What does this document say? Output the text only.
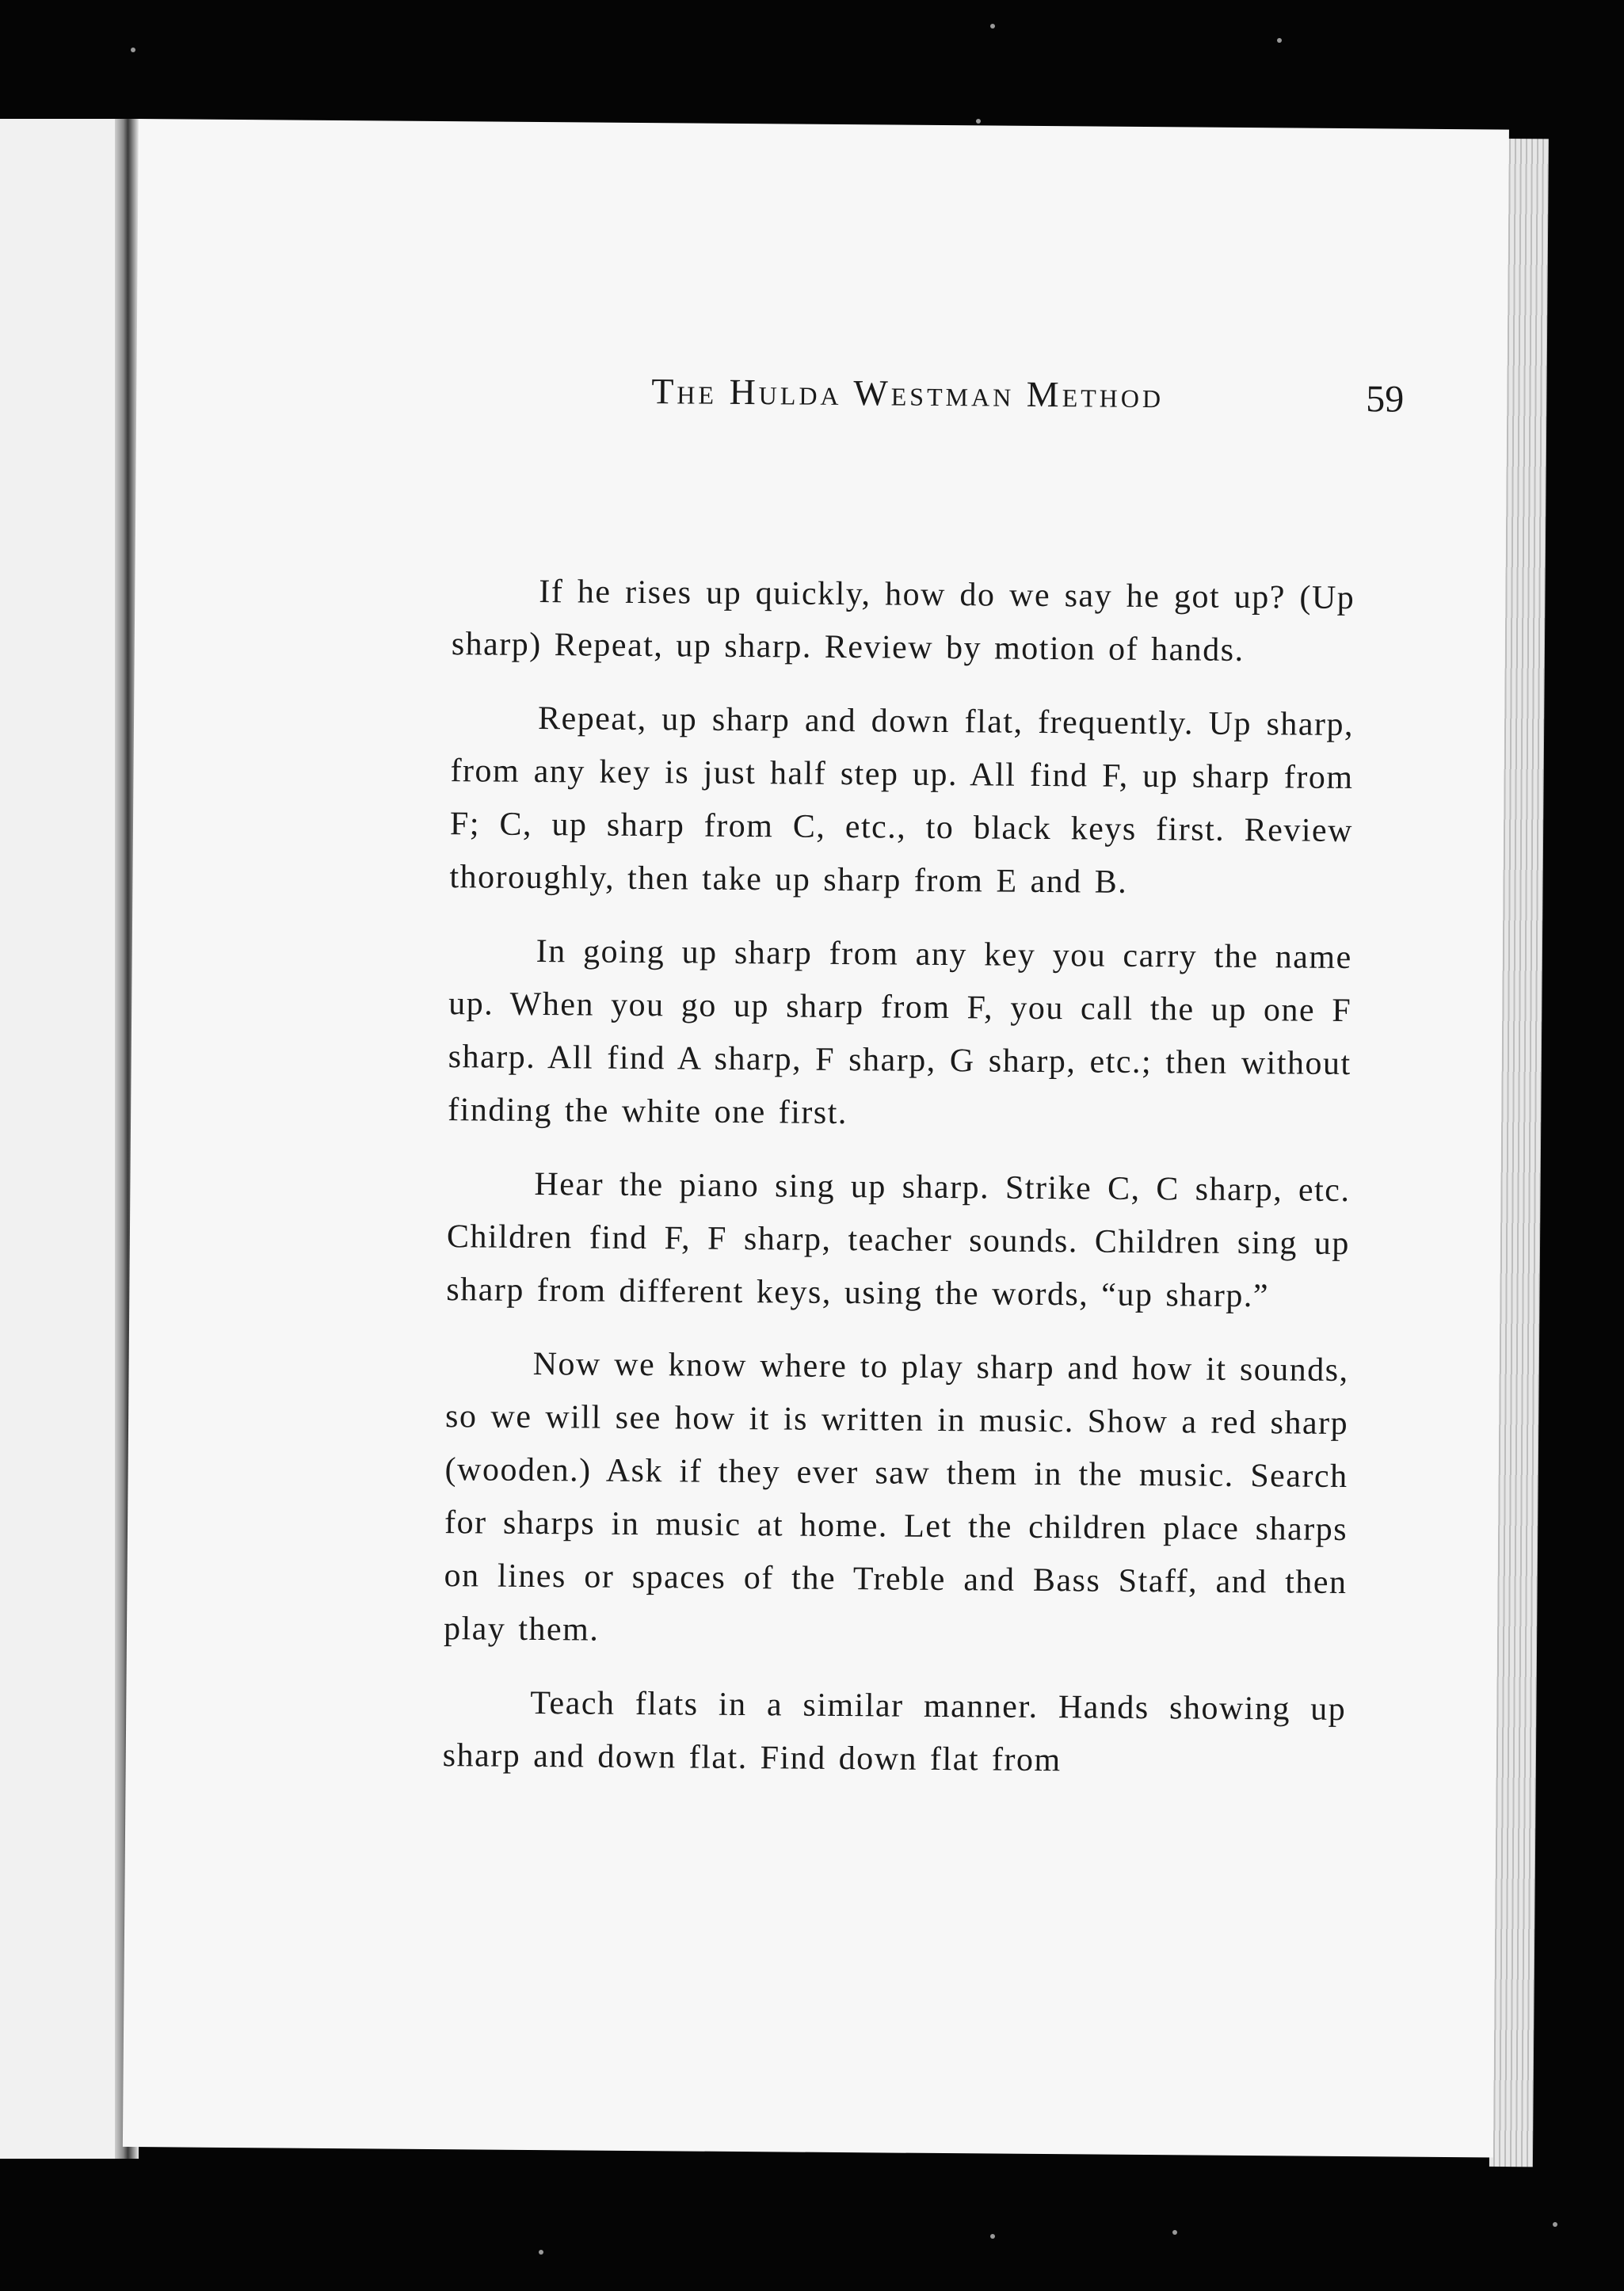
The Hulda Westman Method	59

If he rises up quickly, how do we say he got up? (Up sharp) Repeat, up sharp. Review by motion of hands.

Repeat, up sharp and down flat, frequently. Up sharp, from any key is just half step up. All find F, up sharp from F; C, up sharp from C, etc., to black keys first. Review thoroughly, then take up sharp from E and B.

In going up sharp from any key you carry the name up. When you go up sharp from F, you call the up one F sharp. All find A sharp, F sharp, G sharp, etc.; then without finding the white one first.

Hear the piano sing up sharp. Strike C, C sharp, etc. Children find F, F sharp, teacher sounds. Children sing up sharp from different keys, using the words, “up sharp.”

Now we know where to play sharp and how it sounds, so we will see how it is written in music. Show a red sharp (wooden.) Ask if they ever saw them in the music. Search for sharps in music at home. Let the children place sharps on lines or spaces of the Treble and Bass Staff, and then play them.

Teach flats in a similar manner. Hands showing up sharp and down flat. Find down flat from
